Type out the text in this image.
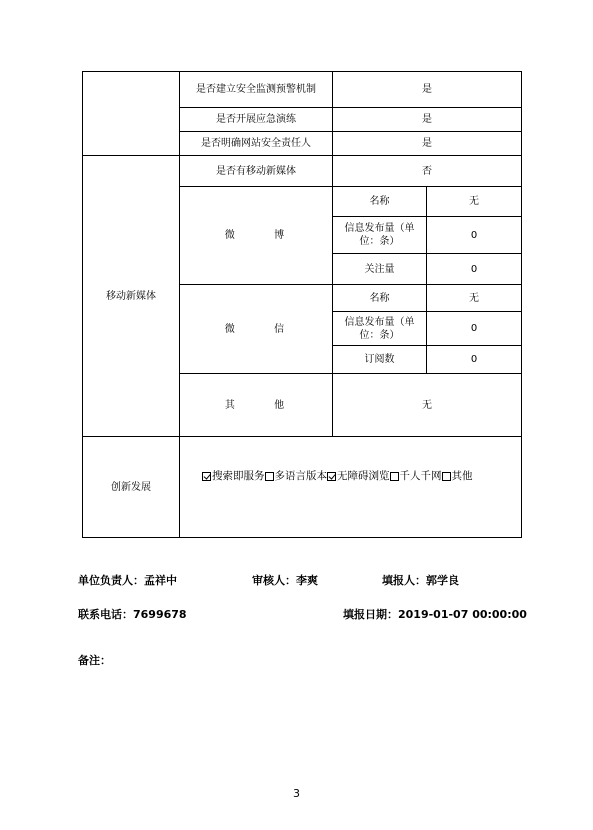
	是否建立安全监测预警机制	是	
	是否开展应急演练	是	
	是否明确网站安全责任人	是	
移动新媒体	是否有移动新媒体	否	
	微 博	名称	无
		信息发布量（单位：条）	0
		关注量	0
	微 信	名称	无
		信息发布量（单位：条）	0
		订阅数	0
	其 他	无	
创新发展	搜索即服务 多语言版本 无障碍浏览 千人千网 其他		
单位负责人：孟祥中	审核人：李爽	填报人：郭学良
联系电话：7699678	填报日期：2019-01-07 00:00:00
备注：
3
